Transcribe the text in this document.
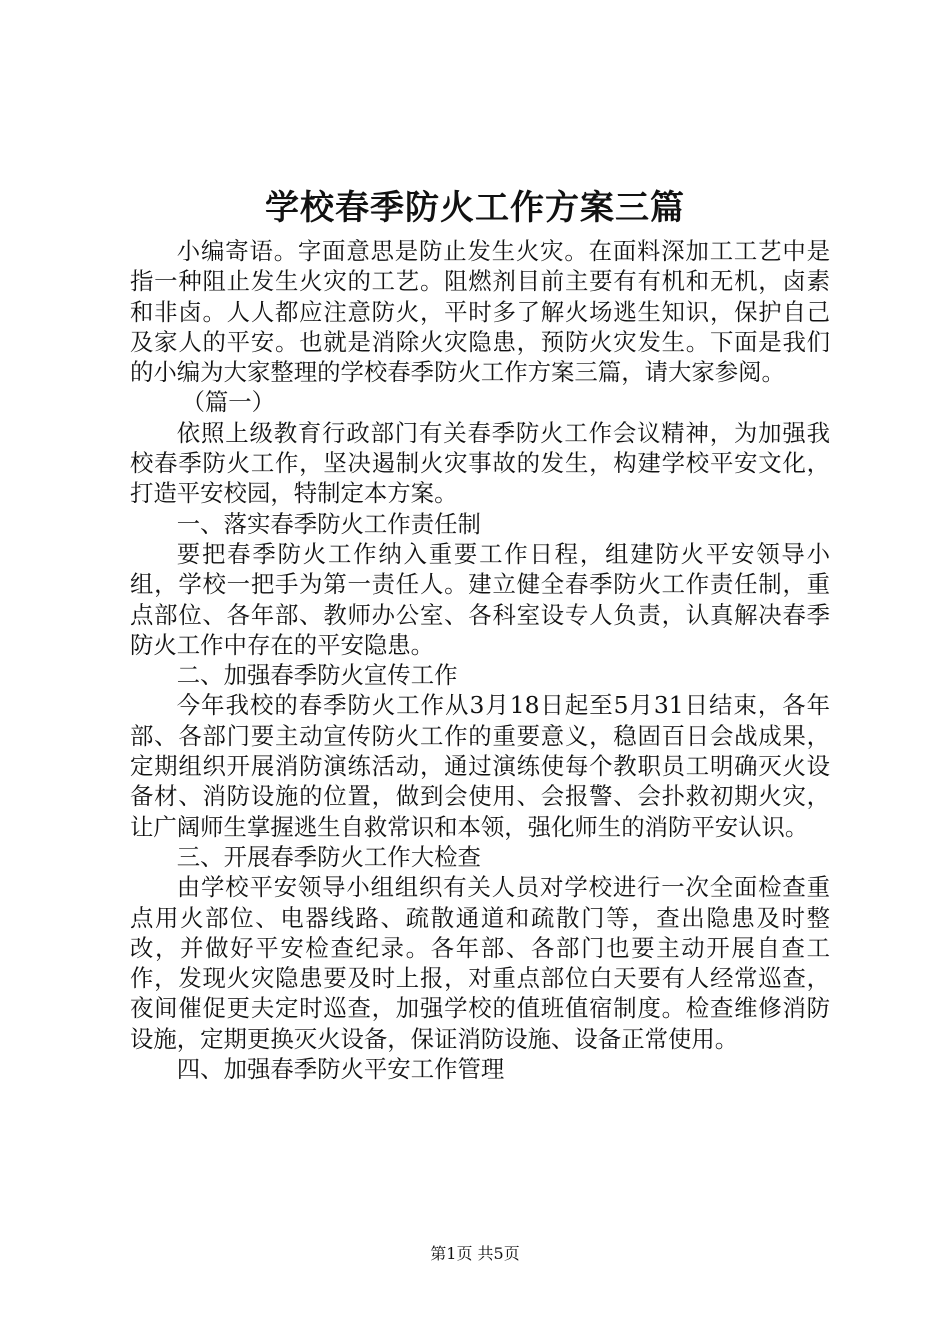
学校春季防火工作方案三篇

小编寄语。字面意思是防止发生火灾。在面料深加工工艺中是指一种阻止发生火灾的工艺。阻燃剂目前主要有有机和无机，卤素和非卤。人人都应注意防火，平时多了解火场逃生知识，保护自己及家人的平安。也就是消除火灾隐患，预防火灾发生。下面是我们的小编为大家整理的学校春季防火工作方案三篇，请大家参阅。

（篇一）

依照上级教育行政部门有关春季防火工作会议精神，为加强我校春季防火工作，坚决遏制火灾事故的发生，构建学校平安文化，打造平安校园，特制定本方案。

一、落实春季防火工作责任制

要把春季防火工作纳入重要工作日程，组建防火平安领导小组，学校一把手为第一责任人。建立健全春季防火工作责任制，重点部位、各年部、教师办公室、各科室设专人负责，认真解决春季防火工作中存在的平安隐患。

二、加强春季防火宣传工作

今年我校的春季防火工作从3月18日起至5月31日结束，各年部、各部门要主动宣传防火工作的重要意义，稳固百日会战成果，定期组织开展消防演练活动，通过演练使每个教职员工明确灭火设备材、消防设施的位置，做到会使用、会报警、会扑救初期火灾，让广阔师生掌握逃生自救常识和本领，强化师生的消防平安认识。

三、开展春季防火工作大检查

由学校平安领导小组组织有关人员对学校进行一次全面检查重点用火部位、电器线路、疏散通道和疏散门等，查出隐患及时整改，并做好平安检查纪录。各年部、各部门也要主动开展自查工作，发现火灾隐患要及时上报，对重点部位白天要有人经常巡查，夜间催促更夫定时巡查，加强学校的值班值宿制度。检查维修消防设施，定期更换灭火设备，保证消防设施、设备正常使用。

四、加强春季防火平安工作管理

第1页 共5页
